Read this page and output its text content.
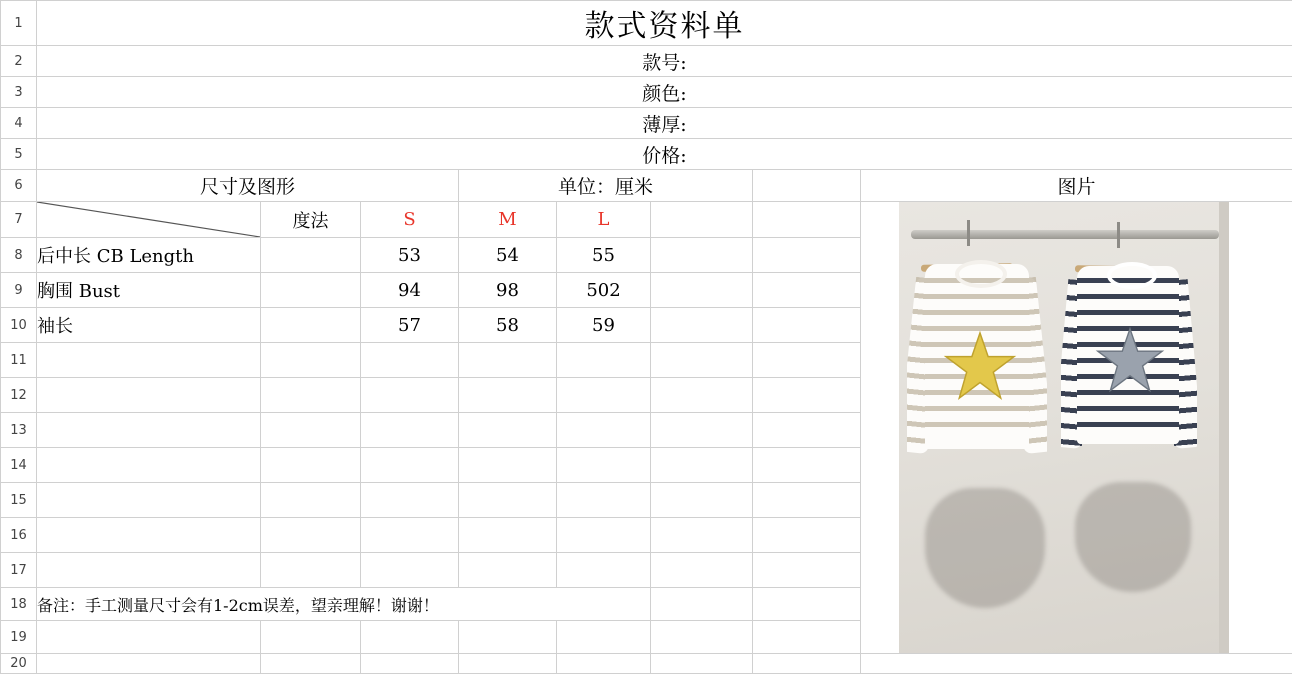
1	款式资料单							
2	款号:							
3	颜色:							
4	薄厚:							
5	价格:							
6	尺寸及图形			单位：厘米				图片
7		度法	S	M	L			

8	后中长 CB Length		53	54	55			
9	胸围 Bust		94	98	502			
10	袖长		57	58	59			
11								
12								
13								
14								
15								
16								
17								
18	备注：手工测量尺寸会有1-2cm误差，望亲理解！谢谢！							
19								
20								
